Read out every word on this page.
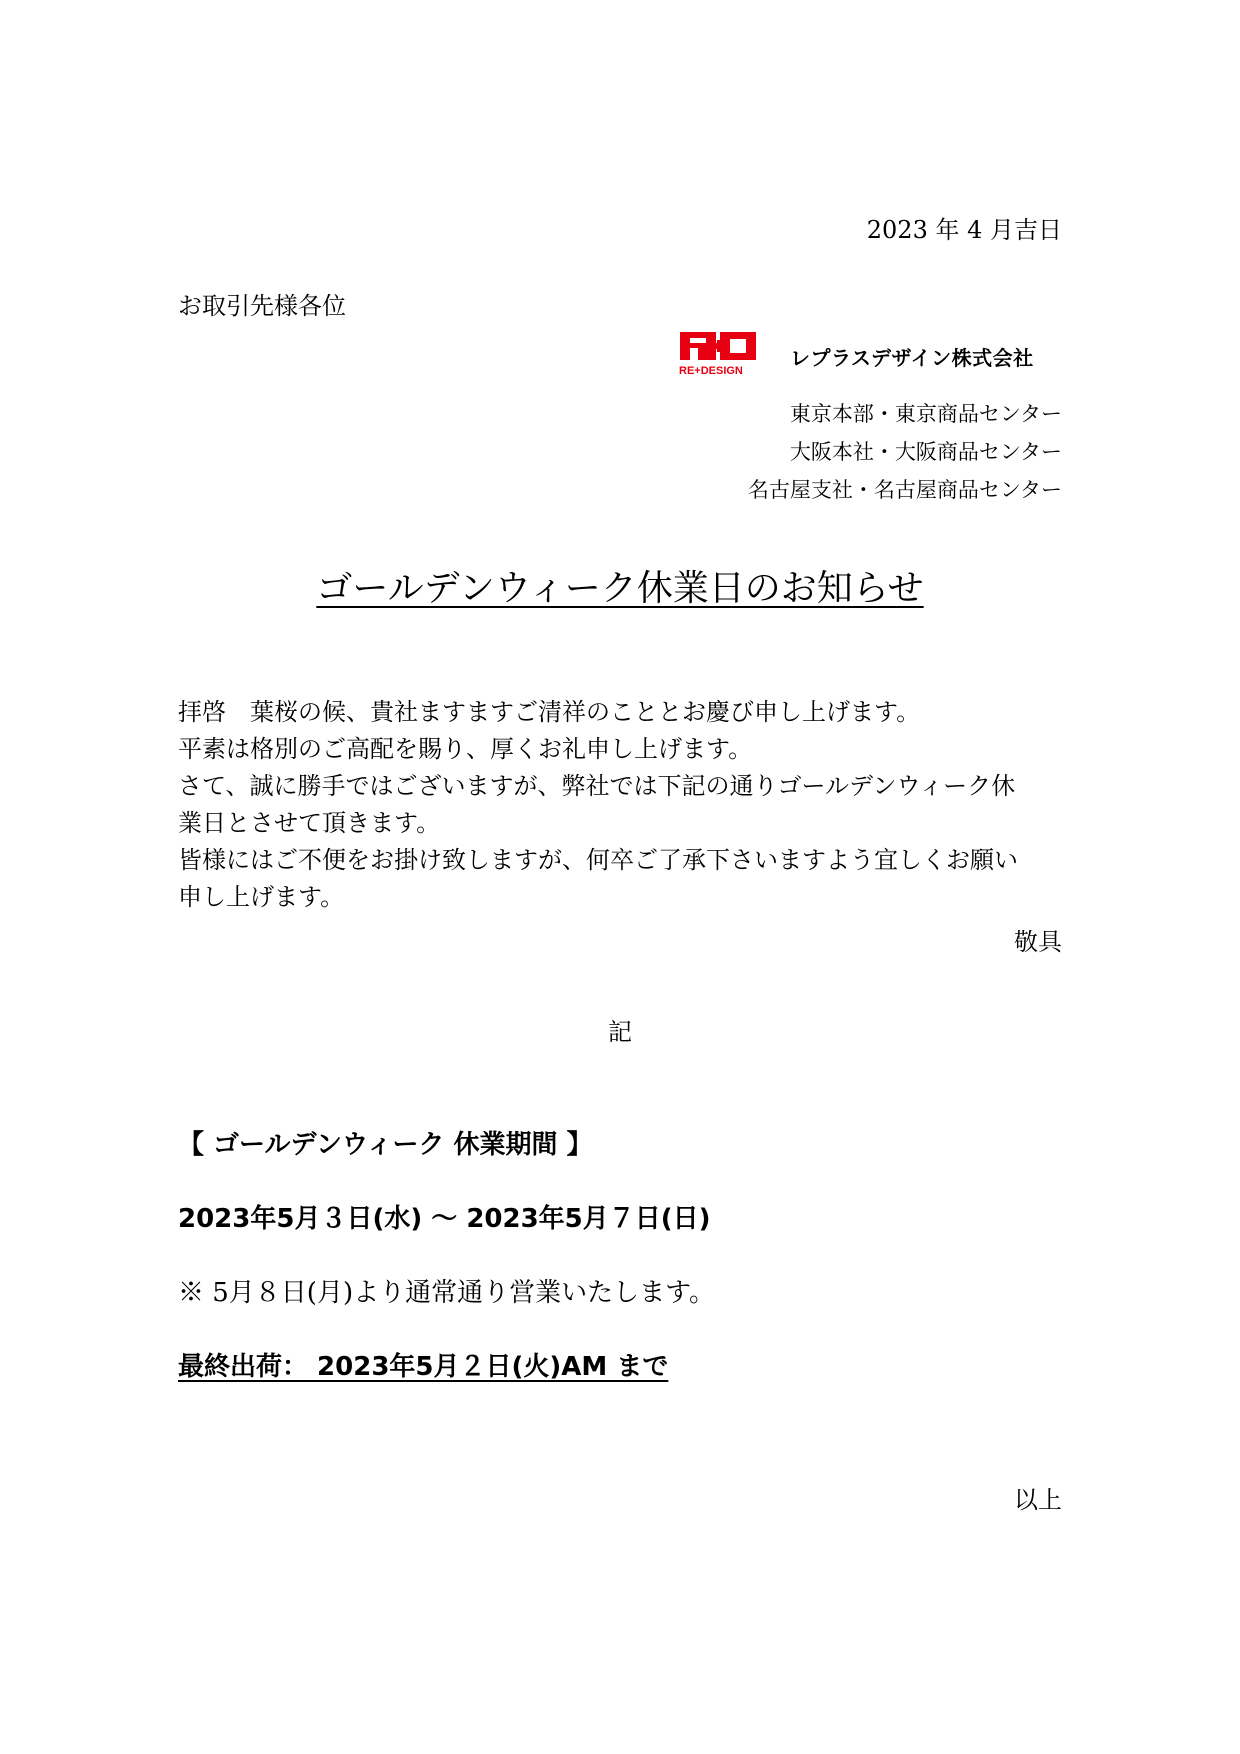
2023 年 4 月吉日
お取引先様各位
RE+DESIGN
レプラスデザイン株式会社
東京本部・東京商品センター
大阪本社・大阪商品センター
名古屋支社・名古屋商品センター
ゴールデンウィーク休業日のお知らせ
拝啓　葉桜の候、貴社ますますご清祥のこととお慶び申し上げます。
平素は格別のご高配を賜り、厚くお礼申し上げます。
さて、誠に勝手ではございますが、弊社では下記の通りゴールデンウィーク休
業日とさせて頂きます。
皆様にはご不便をお掛け致しますが、何卒ご了承下さいますよう宜しくお願い
申し上げます。
敬具
記
【 ゴールデンウィーク 休業期間 】
2023年5月３日(水) ～ 2023年5月７日(日)
※ 5月８日(月)より通常通り営業いたします。
最終出荷： 2023年5月２日(火)AM まで
以上
